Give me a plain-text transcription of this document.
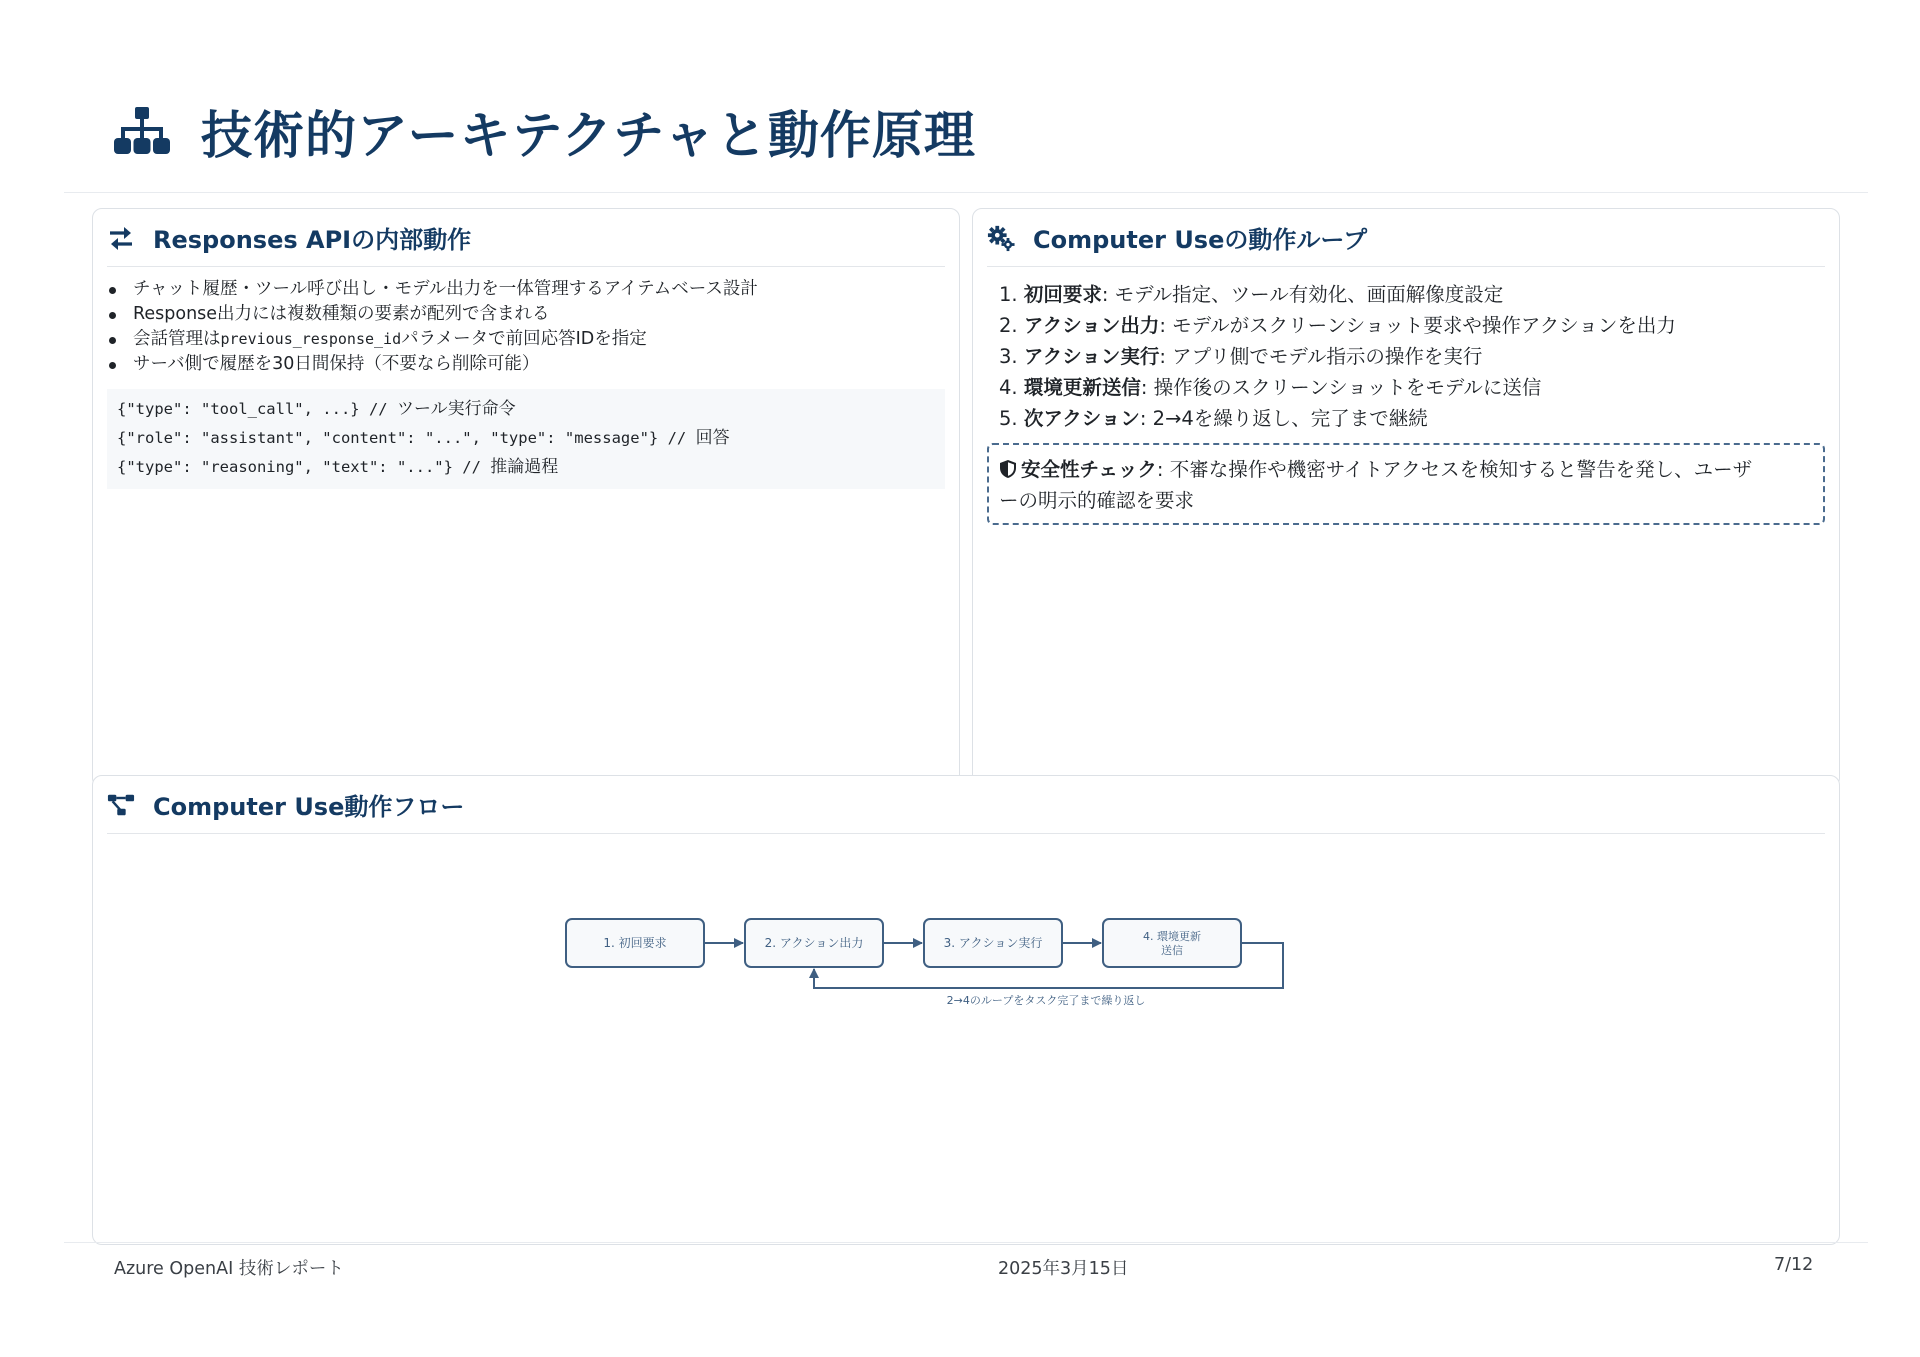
技術的アーキテクチャと動作原理
Responses APIの内部動作
チャット履歴・ツール呼び出し・モデル出力を一体管理するアイテムベース設計
Response出力には複数種類の要素が配列で含まれる
会話管理はprevious_response_idパラメータで前回応答IDを指定
サーバ側で履歴を30日間保持（不要なら削除可能）
{"type": "tool_call", ...} // ツール実行命令
{"role": "assistant", "content": "...", "type": "message"} // 回答
{"type": "reasoning", "text": "..."} // 推論過程
Computer Useの動作ループ
1. 初回要求: モデル指定、ツール有効化、画面解像度設定
2. アクション出力: モデルがスクリーンショット要求や操作アクションを出力
3. アクション実行: アプリ側でモデル指示の操作を実行
4. 環境更新送信: 操作後のスクリーンショットをモデルに送信
5. 次アクション: 2→4を繰り返し、完了まで継続
安全性チェック: 不審な操作や機密サイトアクセスを検知すると警告を発し、ユーザ
ーの明示的確認を要求
Computer Use動作フロー
1. 初回要求	2. アクション出力	3. アクション実行	4. 環境更新
送信
2→4のループをタスク完了まで繰り返し
Azure OpenAI 技術レポート	2025年3月15日	7/12
